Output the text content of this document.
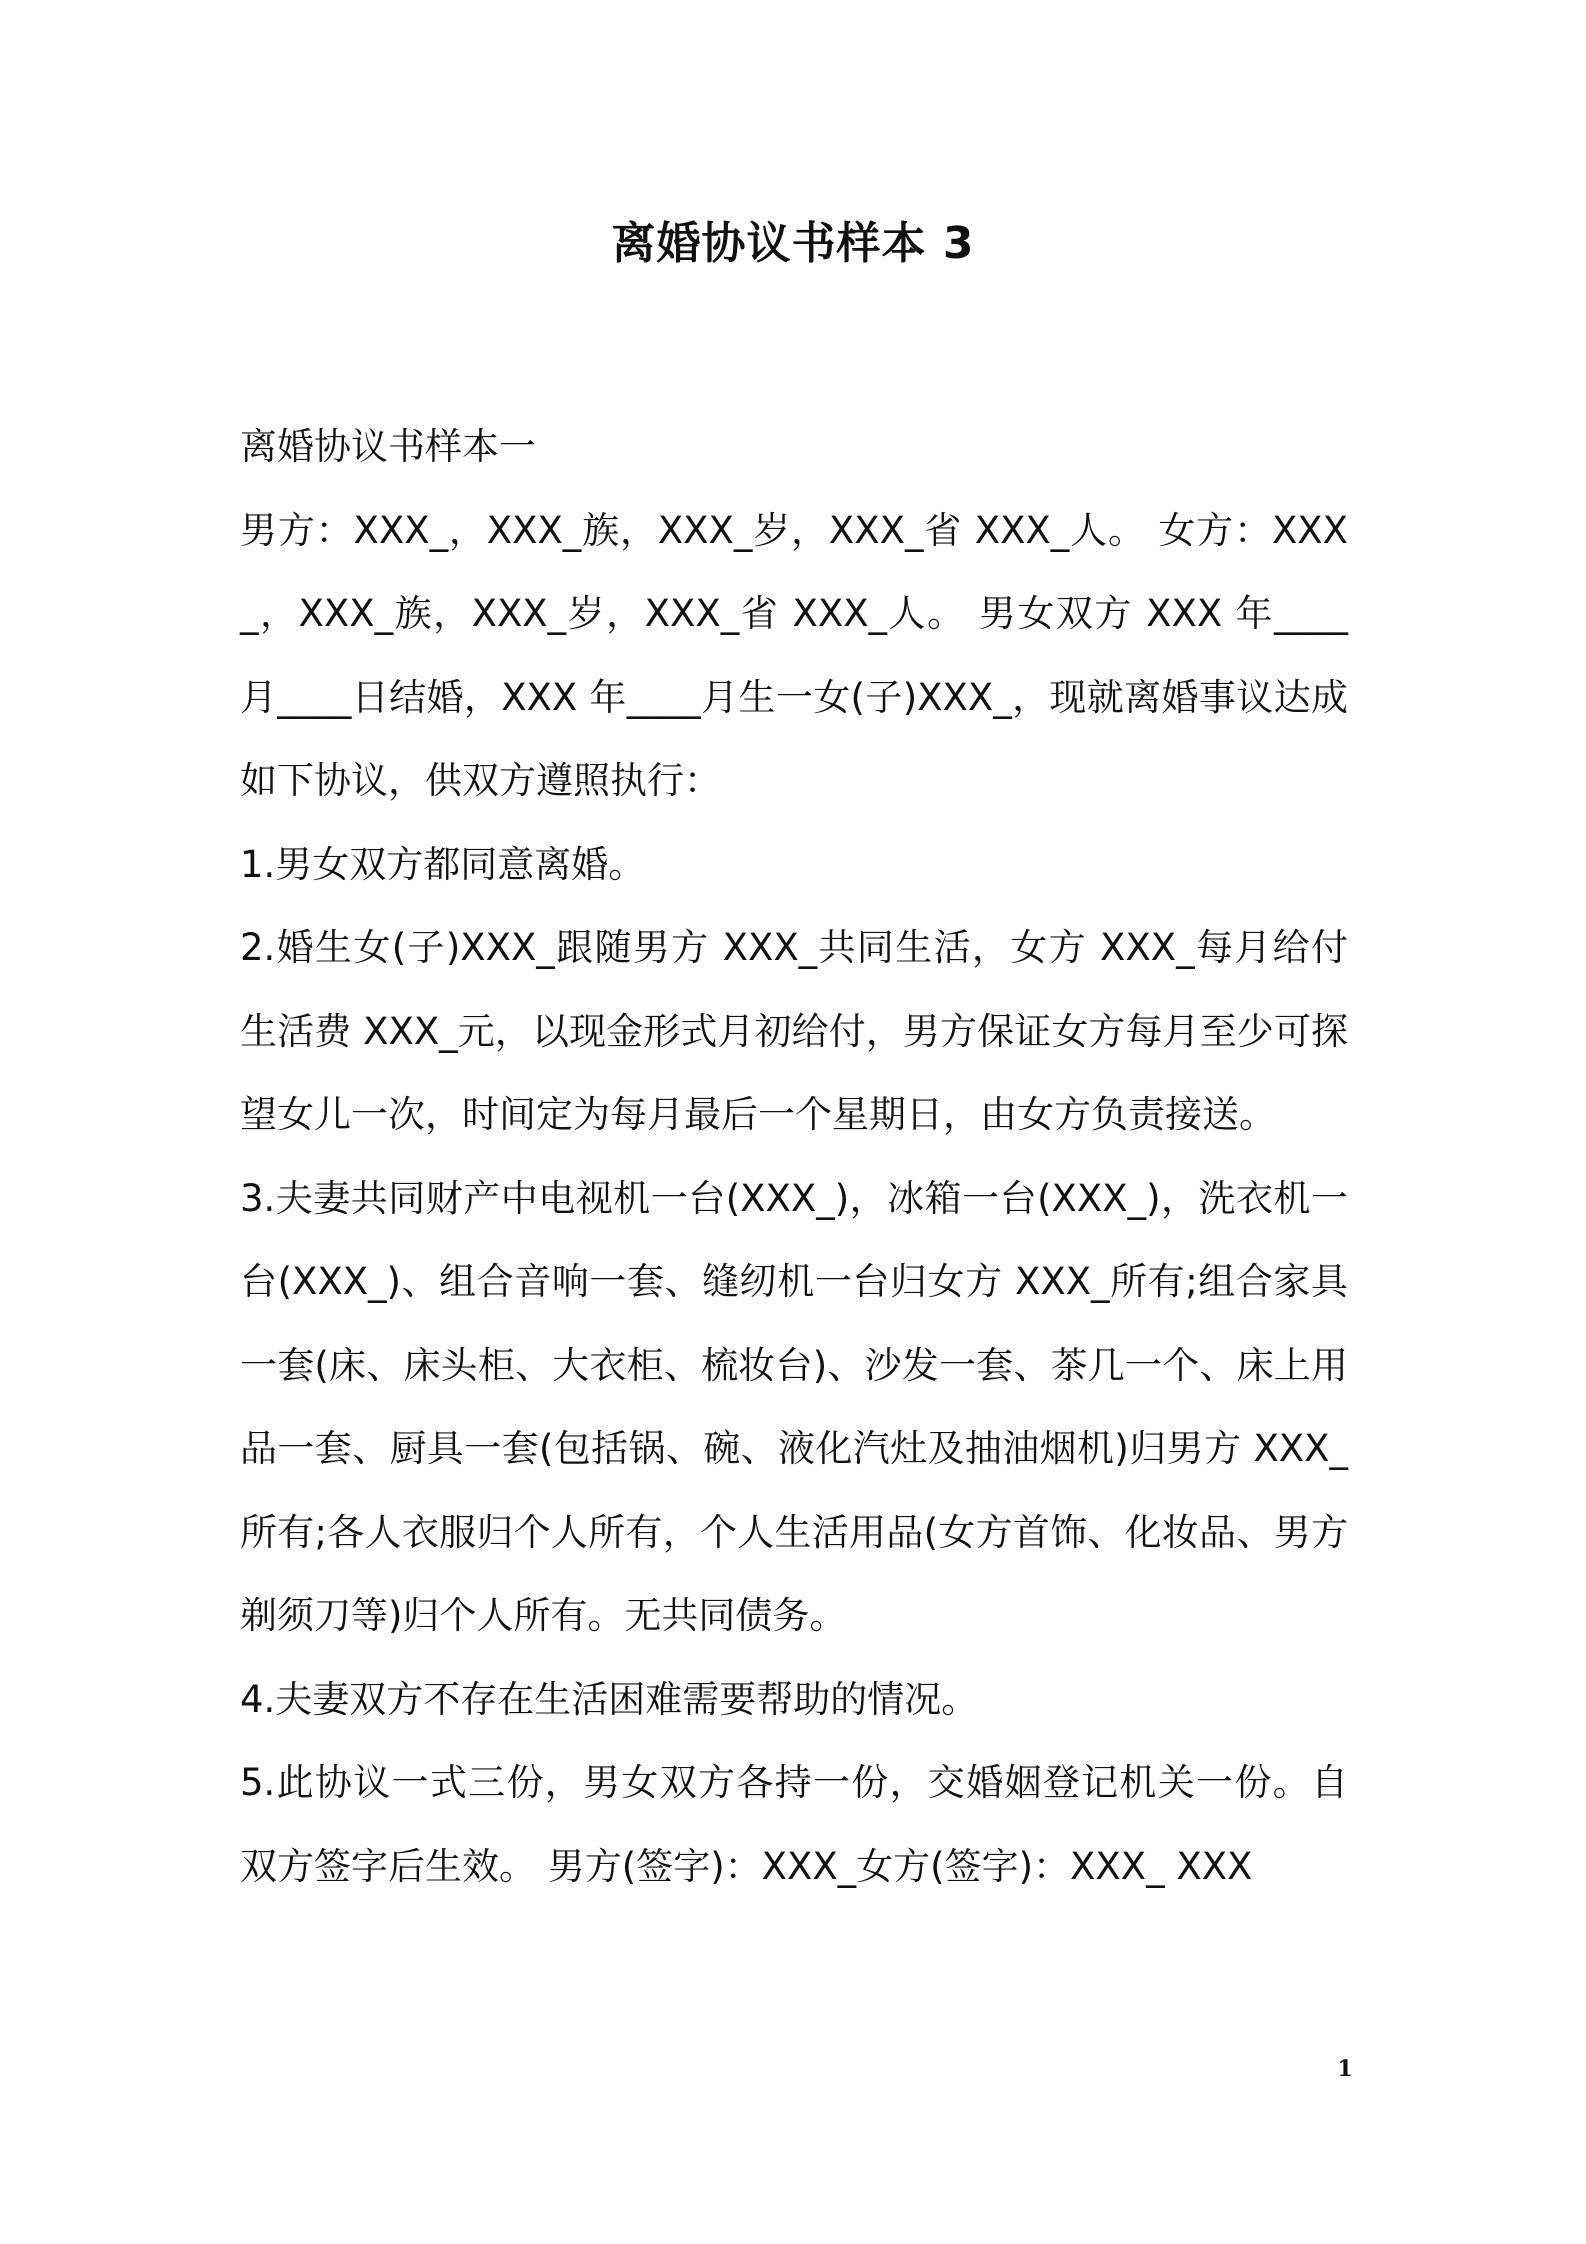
离婚协议书样本 3

离婚协议书样本一

男方：XXX_，XXX_族，XXX_岁，XXX_省 XXX_人。 女方：XXX_，XXX_族，XXX_岁，XXX_省 XXX_人。 男女双方 XXX 年____月____日结婚，XXX 年____月生一女(子)XXX_，现就离婚事议达成如下协议，供双方遵照执行：

1.男女双方都同意离婚。

2.婚生女(子)XXX_跟随男方 XXX_共同生活，女方 XXX_每月给付生活费 XXX_元，以现金形式月初给付，男方保证女方每月至少可探望女儿一次，时间定为每月最后一个星期日，由女方负责接送。

3.夫妻共同财产中电视机一台(XXX_)，冰箱一台(XXX_)，洗衣机一台(XXX_)、组合音响一套、缝纫机一台归女方 XXX_所有;组合家具一套(床、床头柜、大衣柜、梳妆台)、沙发一套、茶几一个、床上用品一套、厨具一套(包括锅、碗、液化汽灶及抽油烟机)归男方 XXX_所有;各人衣服归个人所有，个人生活用品(女方首饰、化妆品、男方剃须刀等)归个人所有。无共同债务。

4.夫妻双方不存在生活困难需要帮助的情况。

5.此协议一式三份，男女双方各持一份，交婚姻登记机关一份。自双方签字后生效。 男方(签字)：XXX_女方(签字)：XXX_ XXX

1
